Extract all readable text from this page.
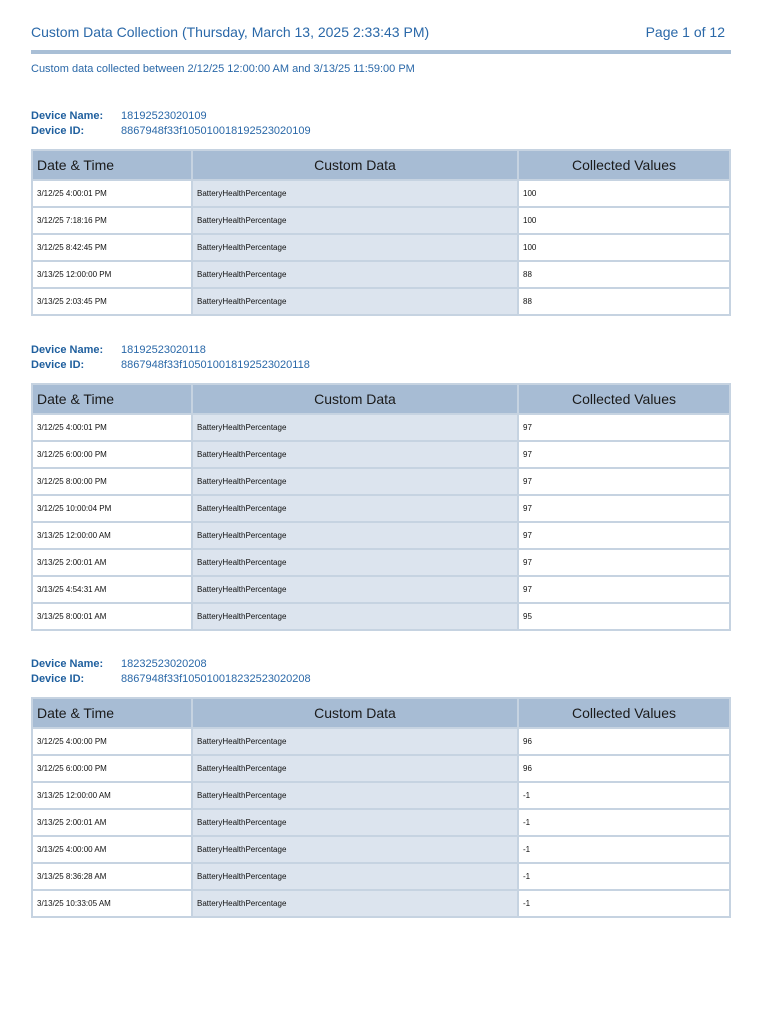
Custom Data Collection (Thursday, March 13, 2025 2:33:43 PM)	Page 1 of 12
Custom data collected between 2/12/25 12:00:00 AM and 3/13/25 11:59:00 PM
Device Name:	18192523020109
Device ID:	8867948f33f105010018192523020109
Date & Time	Custom Data	Collected Values
3/12/25 4:00:01 PM	BatteryHealthPercentage	100
3/12/25 7:18:16 PM	BatteryHealthPercentage	100
3/12/25 8:42:45 PM	BatteryHealthPercentage	100
3/13/25 12:00:00 PM	BatteryHealthPercentage	88
3/13/25 2:03:45 PM	BatteryHealthPercentage	88
Device Name:	18192523020118
Device ID:	8867948f33f105010018192523020118
Date & Time	Custom Data	Collected Values
3/12/25 4:00:01 PM	BatteryHealthPercentage	97
3/12/25 6:00:00 PM	BatteryHealthPercentage	97
3/12/25 8:00:00 PM	BatteryHealthPercentage	97
3/12/25 10:00:04 PM	BatteryHealthPercentage	97
3/13/25 12:00:00 AM	BatteryHealthPercentage	97
3/13/25 2:00:01 AM	BatteryHealthPercentage	97
3/13/25 4:54:31 AM	BatteryHealthPercentage	97
3/13/25 8:00:01 AM	BatteryHealthPercentage	95
Device Name:	18232523020208
Device ID:	8867948f33f105010018232523020208
Date & Time	Custom Data	Collected Values
3/12/25 4:00:00 PM	BatteryHealthPercentage	96
3/12/25 6:00:00 PM	BatteryHealthPercentage	96
3/13/25 12:00:00 AM	BatteryHealthPercentage	-1
3/13/25 2:00:01 AM	BatteryHealthPercentage	-1
3/13/25 4:00:00 AM	BatteryHealthPercentage	-1
3/13/25 8:36:28 AM	BatteryHealthPercentage	-1
3/13/25 10:33:05 AM	BatteryHealthPercentage	-1
